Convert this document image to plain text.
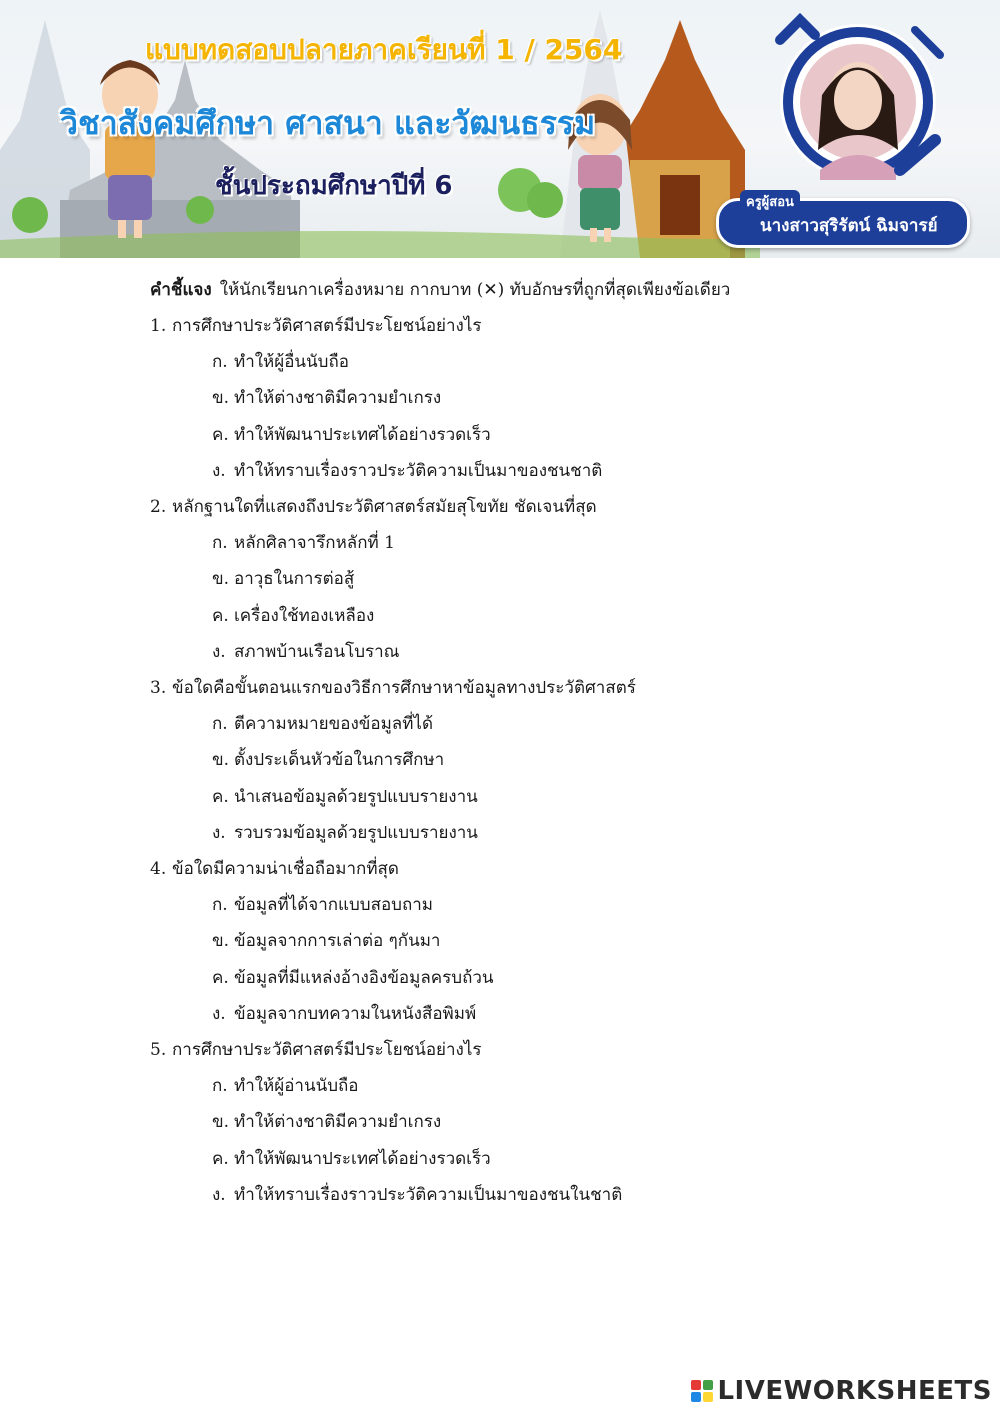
แบบทดสอบปลายภาคเรียนที่ 1 / 2564
วิชาสังคมศึกษา ศาสนา และวัฒนธรรม
ชั้นประถมศึกษาปีที่ 6
ครูผู้สอน
นางสาวสุริรัตน์ ฉิมจารย์
คำชี้แจง ให้นักเรียนกาเครื่องหมาย กากบาท (✕) ทับอักษรที่ถูกที่สุดเพียงข้อเดียว
1. การศึกษาประวัติศาสตร์มีประโยชน์อย่างไร
ก. ทำให้ผู้อื่นนับถือ
ข. ทำให้ต่างชาติมีความยำเกรง
ค. ทำให้พัฒนาประเทศได้อย่างรวดเร็ว
ง. ทำให้ทราบเรื่องราวประวัติความเป็นมาของชนชาติ
2. หลักฐานใดที่แสดงถึงประวัติศาสตร์สมัยสุโขทัย ชัดเจนที่สุด
ก. หลักศิลาจารึกหลักที่ 1
ข. อาวุธในการต่อสู้
ค. เครื่องใช้ทองเหลือง
ง. สภาพบ้านเรือนโบราณ
3. ข้อใดคือขั้นตอนแรกของวิธีการศึกษาหาข้อมูลทางประวัติศาสตร์
ก. ตีความหมายของข้อมูลที่ได้
ข. ตั้งประเด็นหัวข้อในการศึกษา
ค. นำเสนอข้อมูลด้วยรูปแบบรายงาน
ง. รวบรวมข้อมูลด้วยรูปแบบรายงาน
4. ข้อใดมีความน่าเชื่อถือมากที่สุด
ก. ข้อมูลที่ได้จากแบบสอบถาม
ข. ข้อมูลจากการเล่าต่อ ๆกันมา
ค. ข้อมูลที่มีแหล่งอ้างอิงข้อมูลครบถ้วน
ง. ข้อมูลจากบทความในหนังสือพิมพ์
5. การศึกษาประวัติศาสตร์มีประโยชน์อย่างไร
ก. ทำให้ผู้อ่านนับถือ
ข. ทำให้ต่างชาติมีความยำเกรง
ค. ทำให้พัฒนาประเทศได้อย่างรวดเร็ว
ง. ทำให้ทราบเรื่องราวประวัติความเป็นมาของชนในชาติ
LIVEWORKSHEETS
